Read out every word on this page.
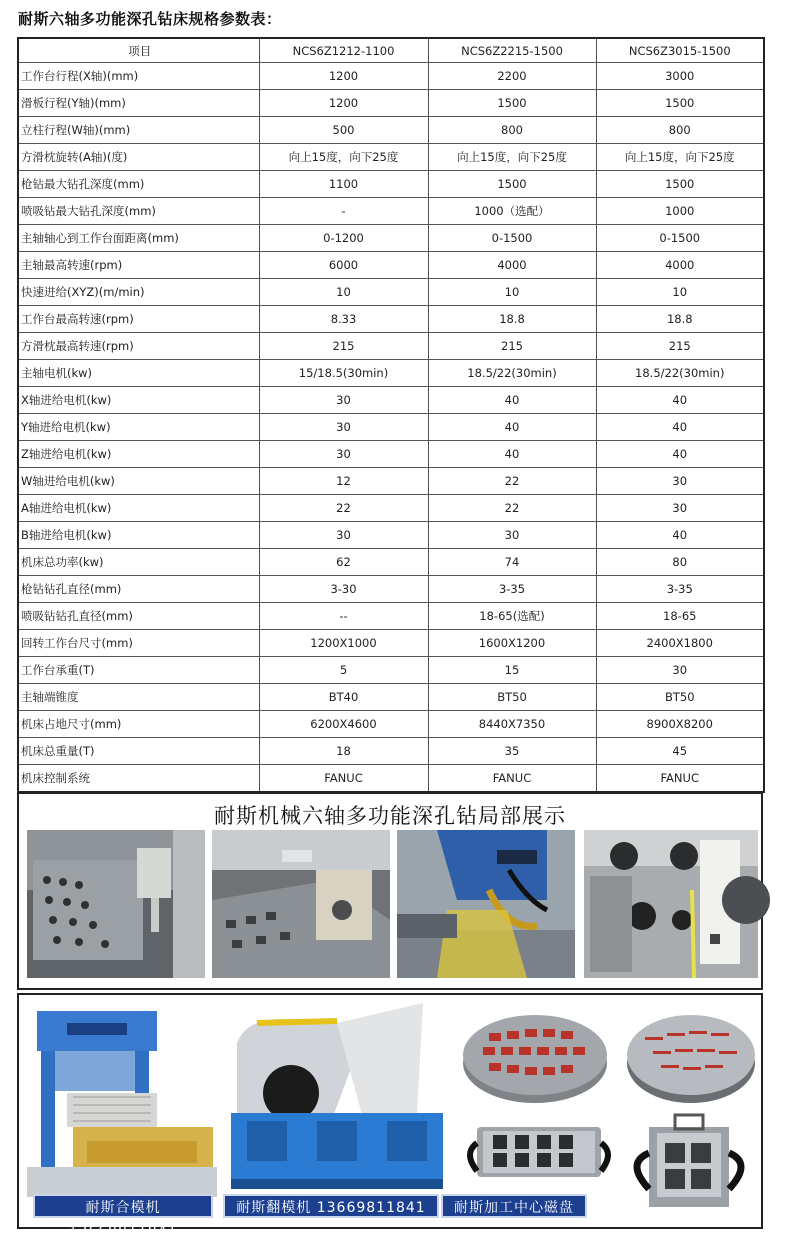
耐斯六轴多功能深孔钻床规格参数表：
项目	NCS6Z1212-1100	NCS6Z2215-1500	NCS6Z3015-1500
工作台行程(X轴)(mm)	1200	2200	3000
滑板行程(Y轴)(mm)	1200	1500	1500
立柱行程(W轴)(mm)	500	800	800
方滑枕旋转(A轴)(度)	向上15度，向下25度	向上15度，向下25度	向上15度，向下25度
枪钻最大钻孔深度(mm)	1100	1500	1500
喷吸钻最大钻孔深度(mm)	-	1000（选配）	1000
主轴轴心到工作台面距离(mm)	0-1200	0-1500	0-1500
主轴最高转速(rpm)	6000	4000	4000
快速进给(XYZ)(m/min)	10	10	10
工作台最高转速(rpm)	8.33	18.8	18.8
方滑枕最高转速(rpm)	215	215	215
主轴电机(kw)	15/18.5(30min)	18.5/22(30min)	18.5/22(30min)
X轴进给电机(kw)	30	40	40
Y轴进给电机(kw)	30	40	40
Z轴进给电机(kw)	30	40	40
W轴进给电机(kw)	12	22	30
A轴进给电机(kw)	22	22	30
B轴进给电机(kw)	30	30	40
机床总功率(kw)	62	74	80
枪钻钻孔直径(mm)	3-30	3-35	3-35
喷吸钻钻孔直径(mm)	--	18-65(选配)	18-65
回转工作台尺寸(mm)	1200X1000	1600X1200	2400X1800
工作台承重(T)	5	15	30
主轴端锥度	BT40	BT50	BT50
机床占地尺寸(mm)	6200X4600	8440X7350	8900X8200
机床总重量(T)	18	35	45
机床控制系统	FANUC	FANUC	FANUC
耐斯机械六轴多功能深孔钻局部展示
耐斯合模机 13669811841
耐斯翻模机 13669811841	耐斯加工中心磁盘
